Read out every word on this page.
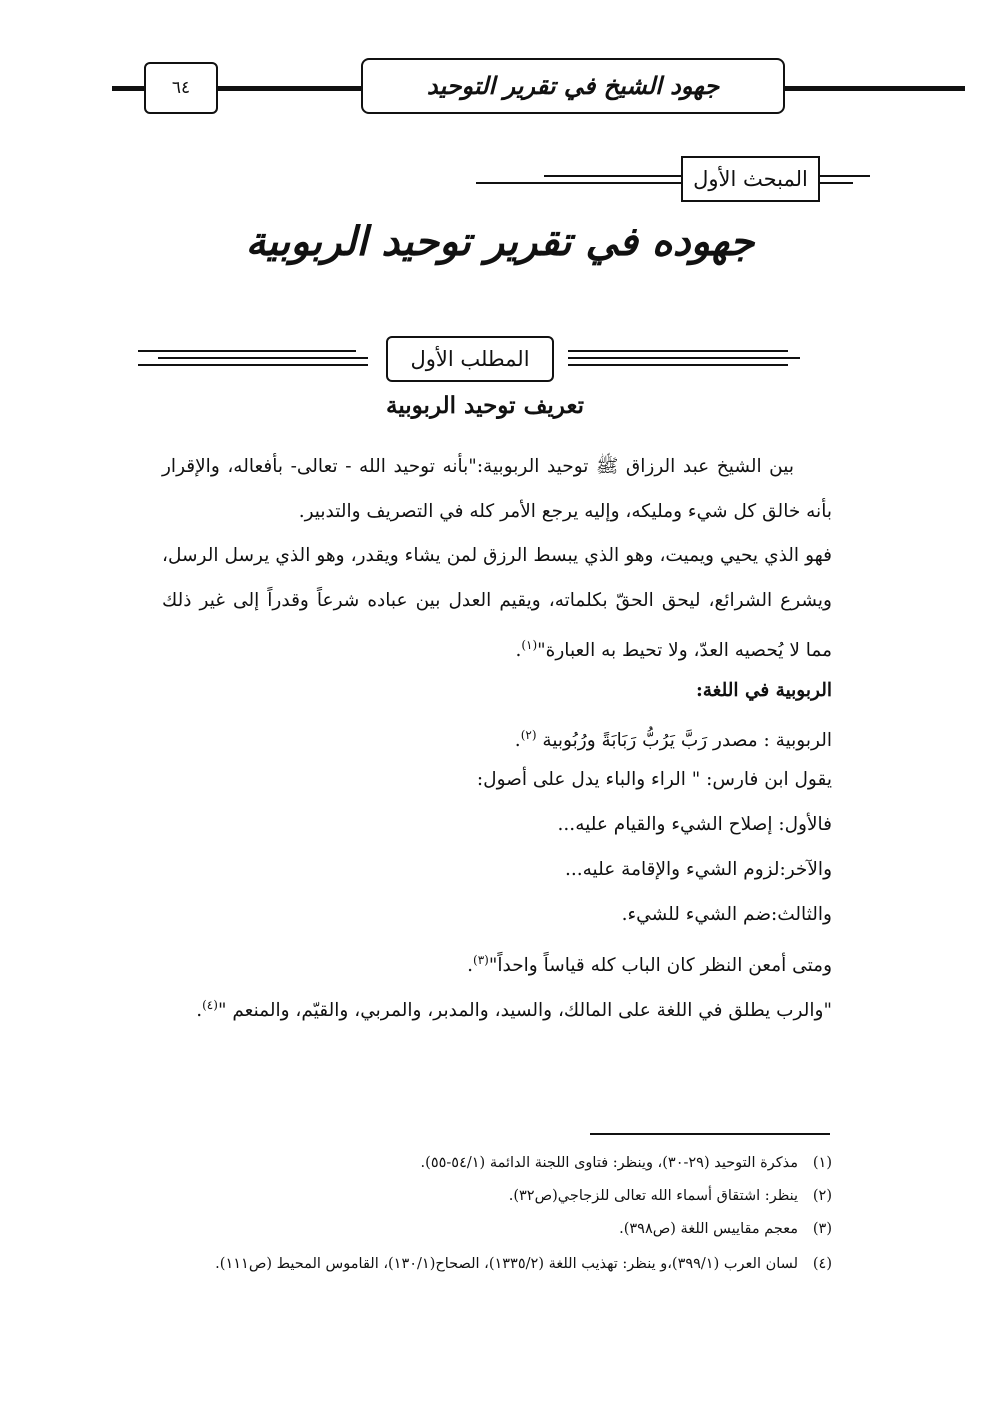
٦٤	جهود الشيخ في تقرير التوحيد
المبحث الأول
جهوده في تقرير توحيد الربوبية
المطلب الأول
تعريف توحيد الربوبية
بين الشيخ عبد الرزاق ﷺ توحيد الربوبية:"بأنه توحيد الله - تعالى- بأفعاله، والإقرار بأنه خالق كل شيء ومليكه، وإليه يرجع الأمر كله في التصريف والتدبير.
فهو الذي يحيي ويميت، وهو الذي يبسط الرزق لمن يشاء ويقدر، وهو الذي يرسل الرسل، ويشرع الشرائع، ليحق الحقّ بكلماته، ويقيم العدل بين عباده شرعاً وقدراً إلى غير ذلك مما لا يُحصيه العدّ، ولا تحيط به العبارة"$^{(١)}$.
الربوبية في اللغة:
الربوبية : مصدر رَبَّ يَرُبُّ رَبَابَةً ورُبُوبية $^{(٢)}$.
يقول ابن فارس: " الراء والباء يدل على أصول:
فالأول: إصلاح الشيء والقيام عليه...
والآخر:لزوم الشيء والإقامة عليه...
والثالث:ضم الشيء للشيء.
ومتى أمعن النظر كان الباب كله قياساً واحداً"$^{(٣)}$.
"والرب يطلق في اللغة على المالك، والسيد، والمدبر، والمربي، والقيّم، والمنعم "$^{(٤)}$.
(١)مذكرة التوحيد (٢٩-٣٠)، وينظر: فتاوى اللجنة الدائمة (٥٤/١-٥٥).
(٢)ينظر: اشتقاق أسماء الله تعالى للزجاجي(ص٣٢).
(٣)معجم مقاييس اللغة (ص٣٩٨).
(٤)لسان العرب (٣٩٩/١)،و ينظر: تهذيب اللغة (١٣٣٥/٢)، الصحاح(١٣٠/١)، القاموس المحيط (ص١١١).
